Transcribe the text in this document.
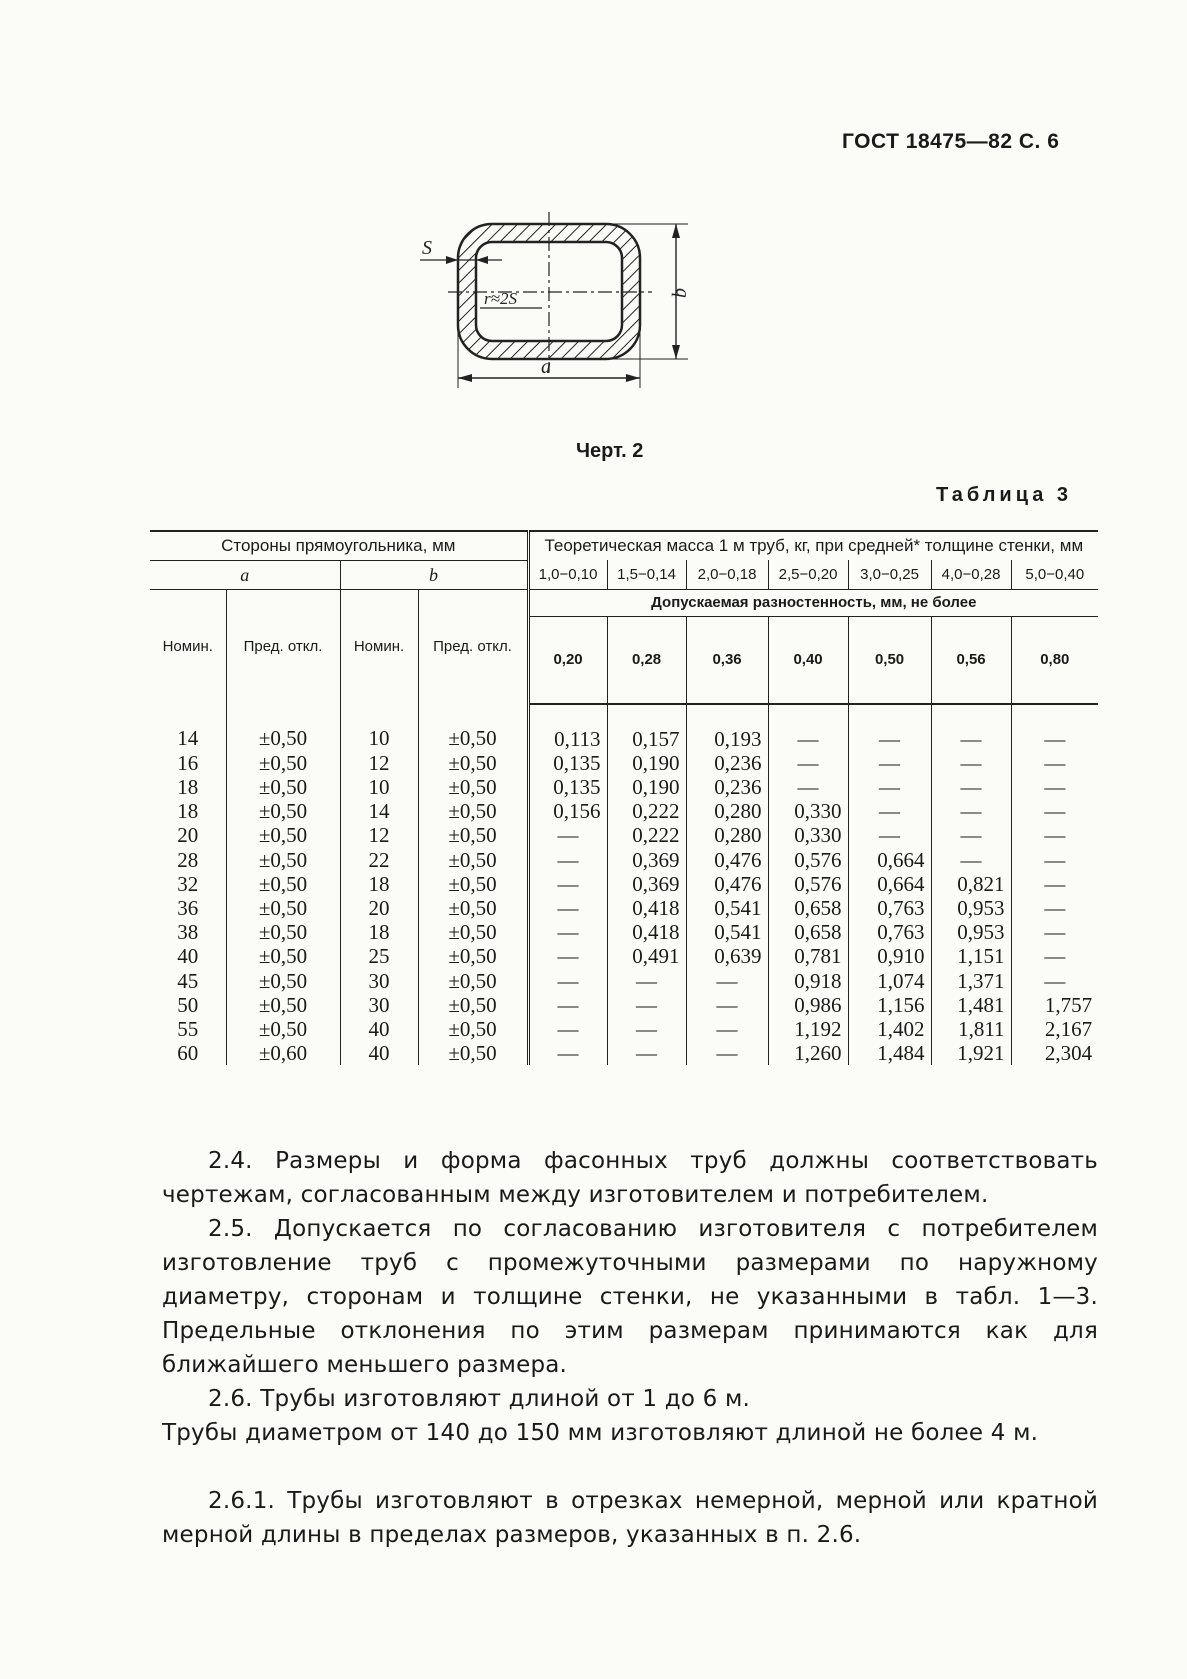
ГОСТ 18475—82 С. 6
S
r≈2S	b
a
Черт. 2
Таблица 3
Стороны прямоугольника, мм				Теоретическая масса 1 м труб, кг, при средней* толщине стенки, мм						
a		b		1,0−0,10	1,5−0,14	2,0−0,18	2,5−0,20	3,0−0,25	4,0−0,28	5,0−0,40
Номин.	Пред. откл.	Номин.	Пред. откл.	Допускаемая разностенность, мм, не более						
				0,20	0,28	0,36	0,40	0,50	0,56	0,80
14	±0,50	10	±0,50	0,113	0,157	0,193	—	—	—	—
16	±0,50	12	±0,50	0,135	0,190	0,236	—	—	—	—
18	±0,50	10	±0,50	0,135	0,190	0,236	—	—	—	—
18	±0,50	14	±0,50	0,156	0,222	0,280	0,330	—	—	—
20	±0,50	12	±0,50	—	0,222	0,280	0,330	—	—	—
28	±0,50	22	±0,50	—	0,369	0,476	0,576	0,664	—	—
32	±0,50	18	±0,50	—	0,369	0,476	0,576	0,664	0,821	—
36	±0,50	20	±0,50	—	0,418	0,541	0,658	0,763	0,953	—
38	±0,50	18	±0,50	—	0,418	0,541	0,658	0,763	0,953	—
40	±0,50	25	±0,50	—	0,491	0,639	0,781	0,910	1,151	—
45	±0,50	30	±0,50	—	—	—	0,918	1,074	1,371	—
50	±0,50	30	±0,50	—	—	—	0,986	1,156	1,481	1,757
55	±0,50	40	±0,50	—	—	—	1,192	1,402	1,811	2,167
60	±0,60	40	±0,50	—	—	—	1,260	1,484	1,921	2,304

2.4. Размеры и форма фасонных труб должны соответствовать чертежам, согласованным между изготовителем и потребителем.

2.5. Допускается по согласованию изготовителя с потребителем изготовление труб с промежуточными размерами по наружному диаметру, сторонам и толщине стенки, не указанными в табл. 1—3. Предельные отклонения по этим размерам принимаются как для ближайшего меньшего размера.

2.6. Трубы изготовляют длиной от 1 до 6 м.

Трубы диаметром от 140 до 150 мм изготовляют длиной не более 4 м.

2.6.1. Трубы изготовляют в отрезках немерной, мерной или кратной мерной длины в пределах размеров, указанных в п. 2.6.
